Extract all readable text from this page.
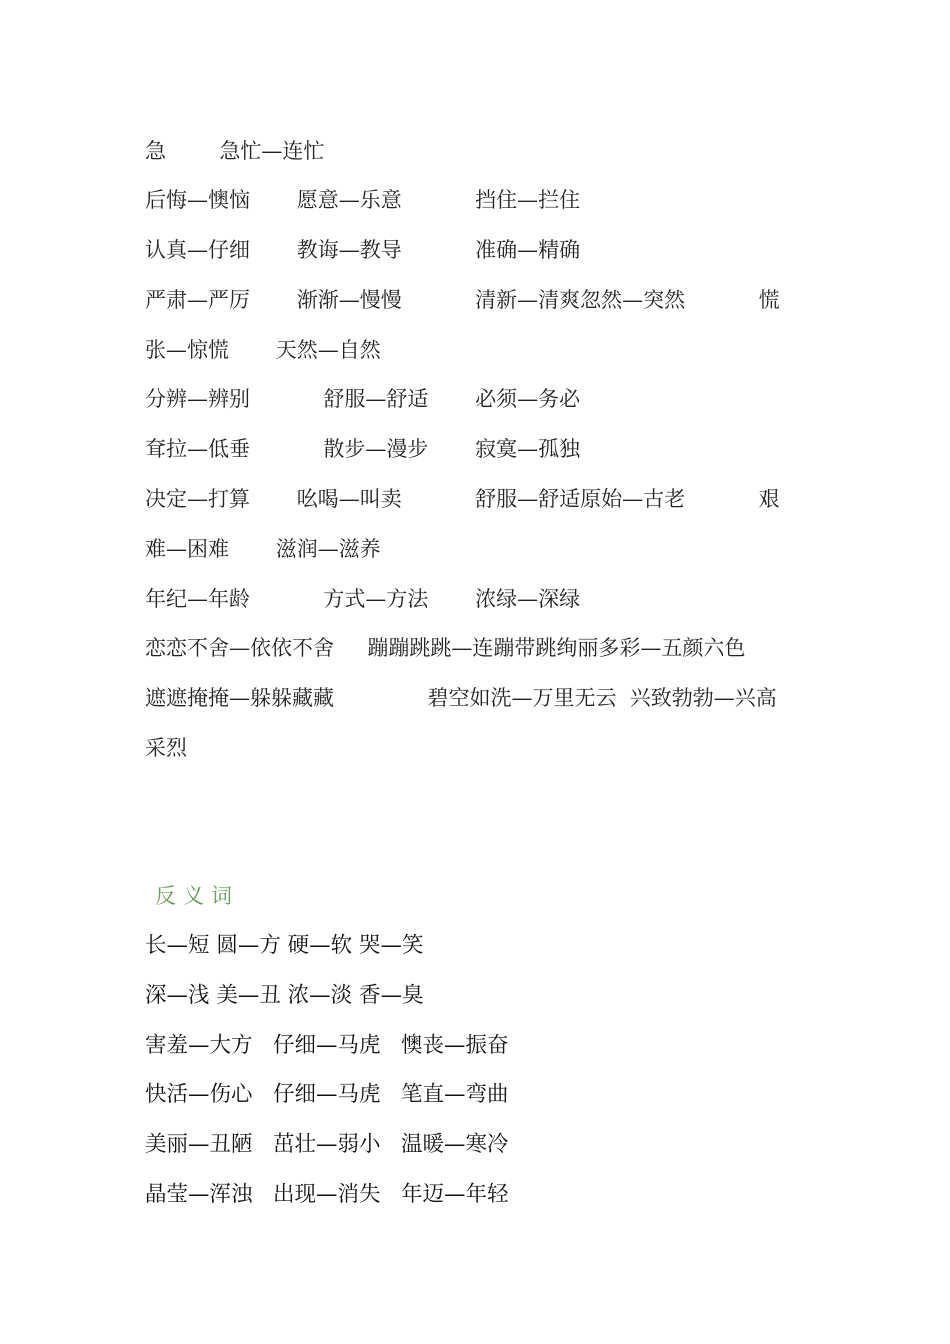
急        急忙—连忙
后悔—懊恼       愿意—乐意           挡住—拦住
认真—仔细       教诲—教导           准确—精确
严肃—严厉       渐渐—慢慢           清新—清爽忽然—突然           慌
张—惊慌       天然—自然
分辨—辨别           舒服—舒适       必须—务必
耷拉—低垂           散步—漫步       寂寞—孤独
决定—打算       吆喝—叫卖           舒服—舒适原始—古老           艰
难—困难       滋润—滋养
年纪—年龄           方式—方法       浓绿—深绿
恋恋不舍—依依不舍     蹦蹦跳跳—连蹦带跳绚丽多彩—五颜六色
遮遮掩掩—躲躲藏藏              碧空如洗—万里无云  兴致勃勃—兴高
采烈
反义词
长—短 圆—方 硬—软 哭—笑
深—浅 美—丑 浓—淡 香—臭
害羞—大方   仔细—马虎   懊丧—振奋
快活—伤心   仔细—马虎   笔直—弯曲
美丽—丑陋   茁壮—弱小   温暖—寒冷
晶莹—浑浊   出现—消失   年迈—年轻
